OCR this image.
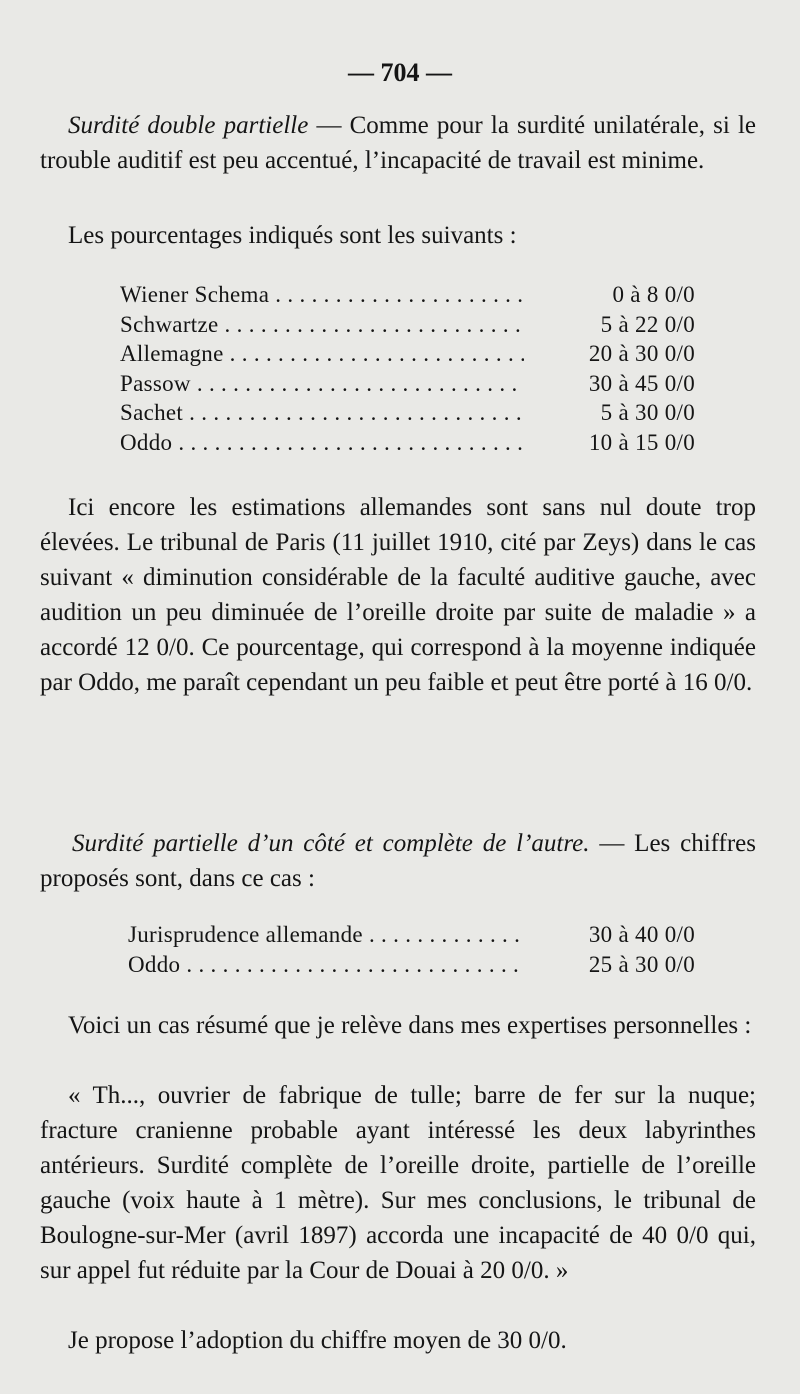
— 704 —

Surdité double partielle — Comme pour la surdité unilatérale, si le trouble auditif est peu accentué, l’incapacité de travail est minime.

Les pourcentages indiqués sont les suivants :

Wiener Schema . . .	0 à 8 0/0
Schwartze . . .	5 à 22 0/0
Allemagne . . .	20 à 30 0/0
Passow . . .	30 à 45 0/0
Sachet . . .	5 à 30 0/0
Oddo . . .	10 à 15 0/0

Ici encore les estimations allemandes sont sans nul doute trop élevées. Le tribunal de Paris (11 juillet 1910, cité par Zeys) dans le cas suivant « diminution considérable de la faculté auditive gauche, avec audition un peu diminuée de l’oreille droite par suite de maladie » a accordé 12 0/0. Ce pourcentage, qui correspond à la moyenne indiquée par Oddo, me paraît cependant un peu faible et peut être porté à 16 0/0.

Surdité partielle d’un côté et complète de l’autre. — Les chiffres proposés sont, dans ce cas :

Jurisprudence allemande . . .	30 à 40 0/0
Oddo . . .	25 à 30 0/0

Voici un cas résumé que je relève dans mes expertises personnelles :

« Th..., ouvrier de fabrique de tulle; barre de fer sur la nuque; fracture cranienne probable ayant intéressé les deux labyrinthes antérieurs. Surdité complète de l’oreille droite, partielle de l’oreille gauche (voix haute à 1 mètre). Sur mes conclusions, le tribunal de Boulogne-sur-Mer (avril 1897) accorda une incapacité de 40 0/0 qui, sur appel fut réduite par la Cour de Douai à 20 0/0. »

Je propose l’adoption du chiffre moyen de 30 0/0.
